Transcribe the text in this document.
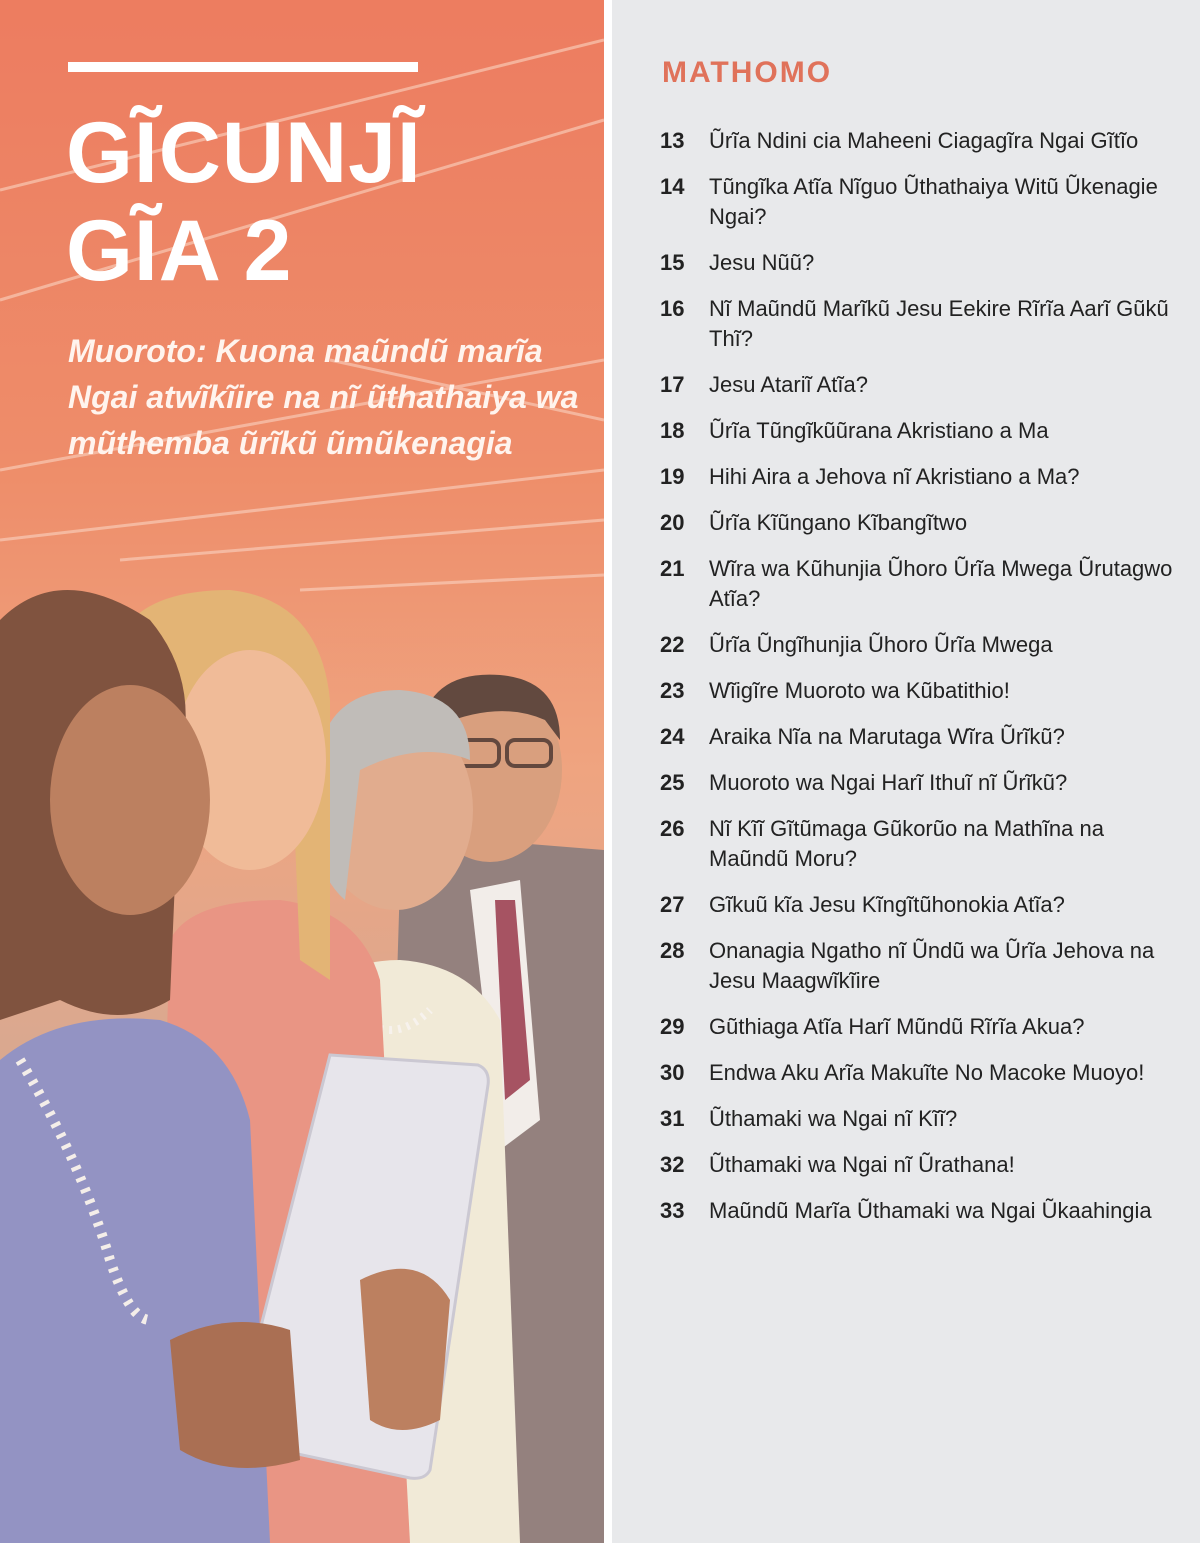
GĨCUNJĨ
GĨA 2

Muoroto: Kuona maũndũ marĩa Ngai atwĩkĩire na nĩ ũthathaiya wa mũthemba ũrĩkũ ũmũkenagia

MATHOMO
13	Ũrĩa Ndini cia Maheeni Ciagagĩra Ngai Gĩtĩo
14	Tũngĩka Atĩa Nĩguo Ũthathaiya Witũ Ũkenagie Ngai?
15	Jesu Nũũ?
16	Nĩ Maũndũ Marĩkũ Jesu Eekire Rĩrĩa Aarĩ Gũkũ Thĩ?
17	Jesu Atariĩ Atĩa?
18	Ũrĩa Tũngĩkũũrana Akristiano a Ma
19	Hihi Aira a Jehova nĩ Akristiano a Ma?
20	Ũrĩa Kĩũngano Kĩbangĩtwo
21	Wĩra wa Kũhunjia Ũhoro Ũrĩa Mwega Ũrutagwo Atĩa?
22	Ũrĩa Ũngĩhunjia Ũhoro Ũrĩa Mwega
23	Wĩigĩre Muoroto wa Kũbatithio!
24	Araika Nĩa na Marutaga Wĩra Ũrĩkũ?
25	Muoroto wa Ngai Harĩ Ithuĩ nĩ Ũrĩkũ?
26	Nĩ Kĩĩ Gĩtũmaga Gũkorũo na Mathĩna na Maũndũ Moru?
27	Gĩkuũ kĩa Jesu Kĩngĩtũhonokia Atĩa?
28	Onanagia Ngatho nĩ Ũndũ wa Ũrĩa Jehova na Jesu Maagwĩkĩire
29	Gũthiaga Atĩa Harĩ Mũndũ Rĩrĩa Akua?
30	Endwa Aku Arĩa Makuĩte No Macoke Muoyo!
31	Ũthamaki wa Ngai nĩ Kĩĩ?
32	Ũthamaki wa Ngai nĩ Ũrathana!
33	Maũndũ Marĩa Ũthamaki wa Ngai Ũkaahingia
